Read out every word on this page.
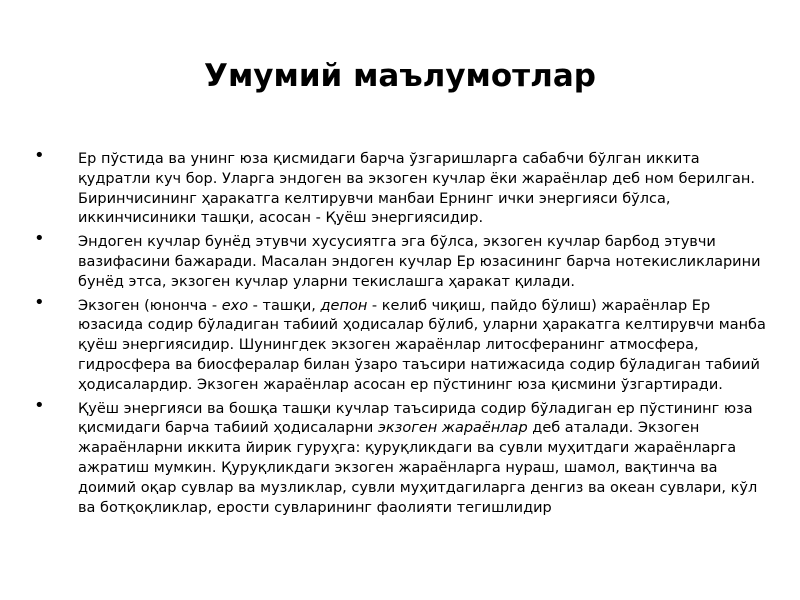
Умумий маълумотлар
• Ер пўстида ва унинг юза қисмидаги барча ўзгаришларга сабабчи бўлган иккита қудратли куч бор. Уларга эндоген ва экзоген кучлар ёки жараёнлар деб ном берилган. Биринчисининг ҳаракатга келтирувчи манбаи Ернинг ички энергияси бўлса, иккинчисиники ташқи, асосан - Қуёш энергиясидир.
• Эндоген кучлар бунёд этувчи хусусиятга эга бўлса, экзоген кучлар барбод этувчи вазифасини бажаради. Масалан эндоген кучлар Ер юзасининг барча нотекисликларини бунёд этса, экзоген кучлар уларни текислашга ҳаракат қилади.
• Экзоген (юнонча - exo - ташқи, депон - келиб чиқиш, пайдо бўлиш) жараёнлар Ер юзасида содир бўладиган табиий ҳодисалар бўлиб, уларни ҳаракатга келтирувчи манба қуёш энергиясидир. Шунингдек экзоген жараёнлар литосферанинг атмосфера, гидросфера ва биосфералар билан ўзаро таъсири натижасида содир бўладиган табиий ҳодисалардир. Экзоген жараёнлар асосан ер пўстининг юза қисмини ўзгартиради.
• Қуёш энергияси ва бошқа ташқи кучлар таъсирида содир бўладиган ер пўстининг юза қисмидаги барча табиий ҳодисаларни экзоген жараёнлар деб аталади. Экзоген жараёнларни иккита йирик гуруҳга: қуруқликдаги ва сувли муҳитдаги жараёнларга ажратиш мумкин. Қуруқликдаги экзоген жараёнларга нураш, шамол, вақтинча ва доимий оқар сувлар ва музликлар, сувли муҳитдагиларга денгиз ва океан сувлари, кўл ва ботқоқликлар, ерости сувларининг фаолияти тегишлидир
